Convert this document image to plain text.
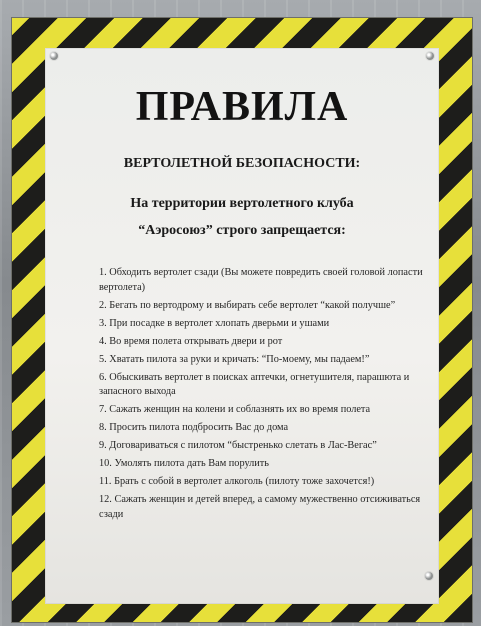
ПРАВИЛА
ВЕРТОЛЕТНОЙ БЕЗОПАСНОСТИ:
На территории вертолетного клуба
“Аэросоюз” строго запрещается:
1. Обходить вертолет сзади (Вы можете повредить своей головой лопасти вертолета)
2. Бегать по вертодрому и выбирать себе вертолет “какой получше”
3. При посадке в вертолет хлопать дверьми и ушами
4. Во время полета открывать двери и рот
5. Хватать пилота за руки и кричать: “По-моему, мы падаем!”
6. Обыскивать вертолет в поисках аптечки, огнетушителя, парашюта и запасного выхода
7. Сажать женщин на колени и соблазнять их во время полета
8. Просить пилота подбросить Вас до дома
9. Договариваться с пилотом “быстренько слетать в Лас-Вегас”
10. Умолять пилота дать Вам порулить
11. Брать с собой в вертолет алкоголь (пилоту тоже захочется!)
12. Сажать женщин и детей вперед, а самому мужественно отсиживаться сзади
